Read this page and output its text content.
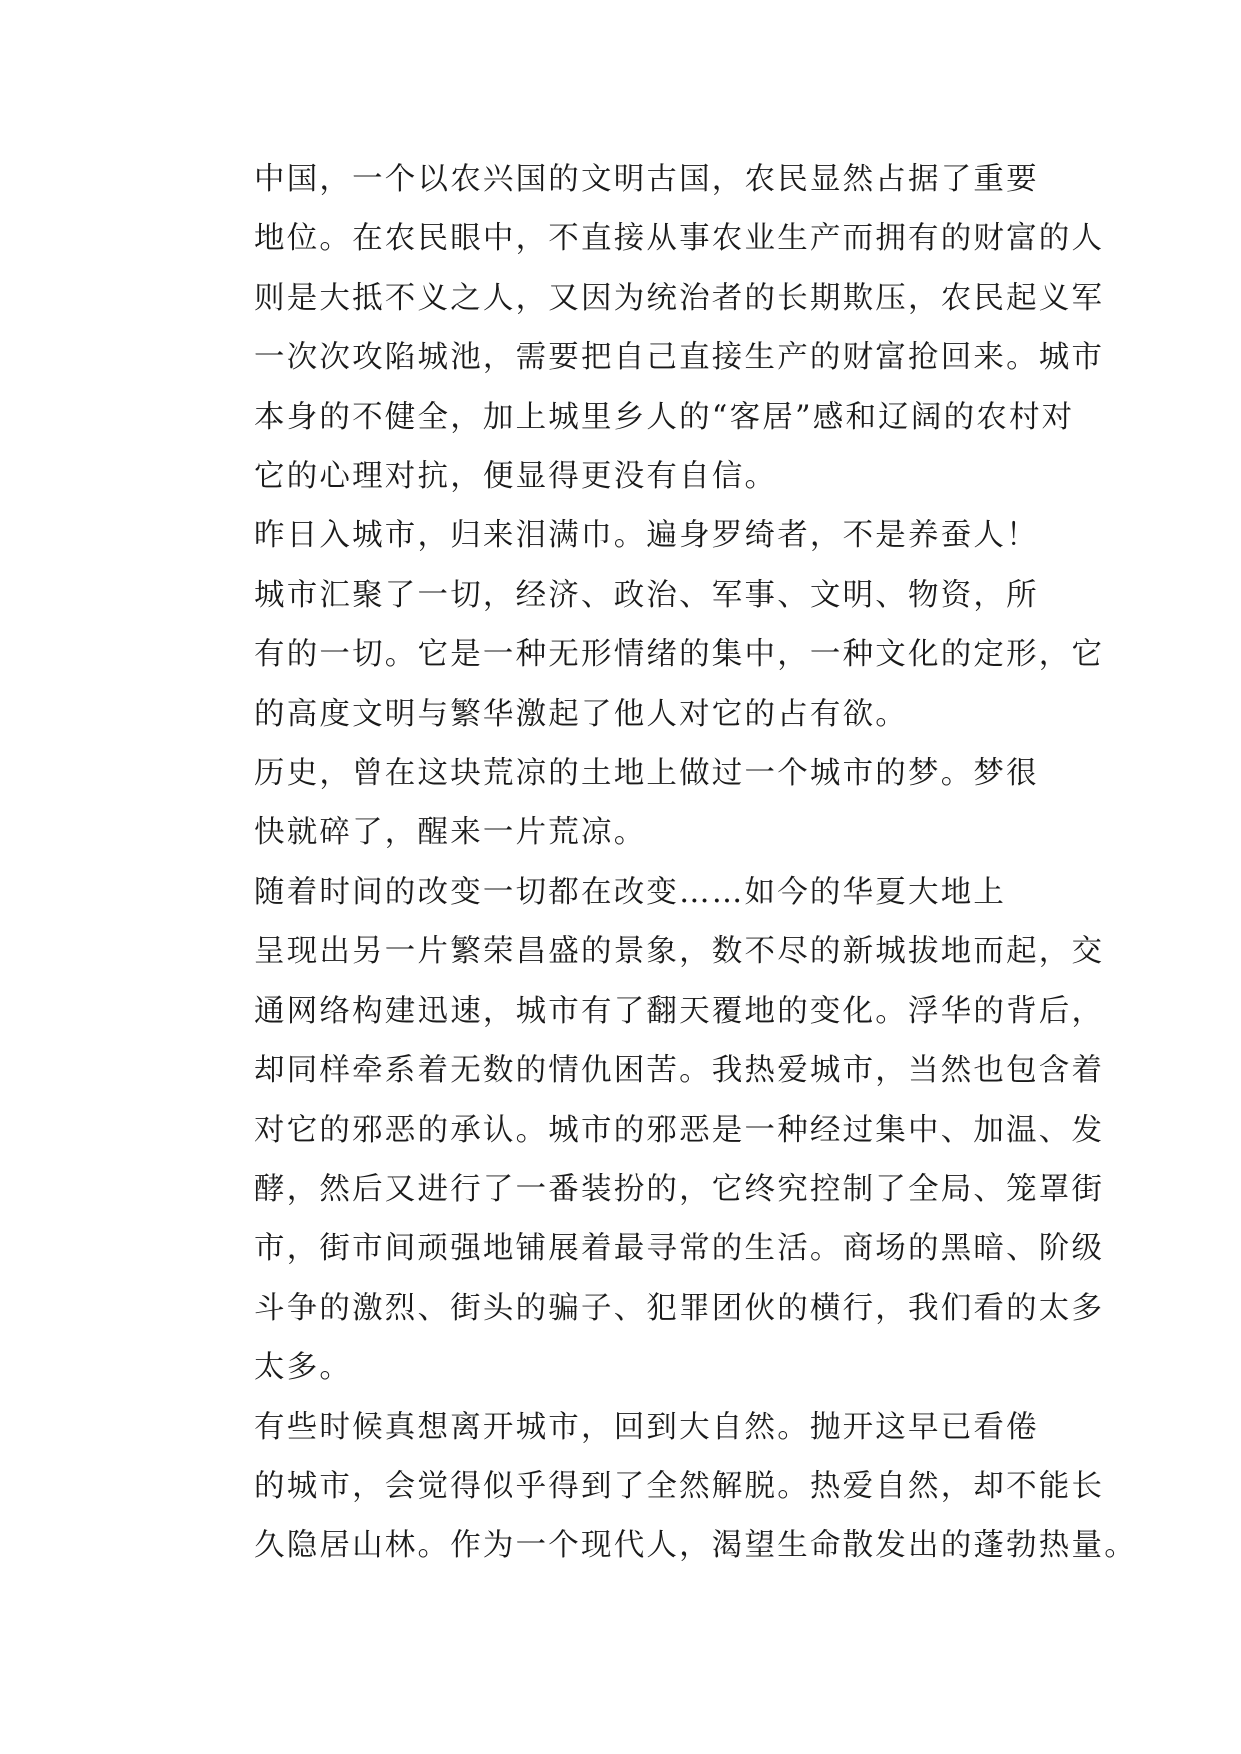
中国，一个以农兴国的文明古国，农民显然占据了重要
地位。在农民眼中，不直接从事农业生产而拥有的财富的人
则是大抵不义之人，又因为统治者的长期欺压，农民起义军
一次次攻陷城池，需要把自己直接生产的财富抢回来。城市
本身的不健全，加上城里乡人的“客居”感和辽阔的农村对
它的心理对抗，便显得更没有自信。

昨日入城市，归来泪满巾。遍身罗绮者，不是养蚕人！

城市汇聚了一切，经济、政治、军事、文明、物资，所
有的一切。它是一种无形情绪的集中，一种文化的定形，它
的高度文明与繁华激起了他人对它的占有欲。

历史，曾在这块荒凉的土地上做过一个城市的梦。梦很
快就碎了，醒来一片荒凉。

随着时间的改变一切都在改变……如今的华夏大地上
呈现出另一片繁荣昌盛的景象，数不尽的新城拔地而起，交
通网络构建迅速，城市有了翻天覆地的变化。浮华的背后，
却同样牵系着无数的情仇困苦。我热爱城市，当然也包含着
对它的邪恶的承认。城市的邪恶是一种经过集中、加温、发
酵，然后又进行了一番装扮的，它终究控制了全局、笼罩街
市，街市间顽强地铺展着最寻常的生活。商场的黑暗、阶级
斗争的激烈、街头的骗子、犯罪团伙的横行，我们看的太多
太多。

有些时候真想离开城市，回到大自然。抛开这早已看倦
的城市，会觉得似乎得到了全然解脱。热爱自然，却不能长
久隐居山林。作为一个现代人，渴望生命散发出的蓬勃热量。
